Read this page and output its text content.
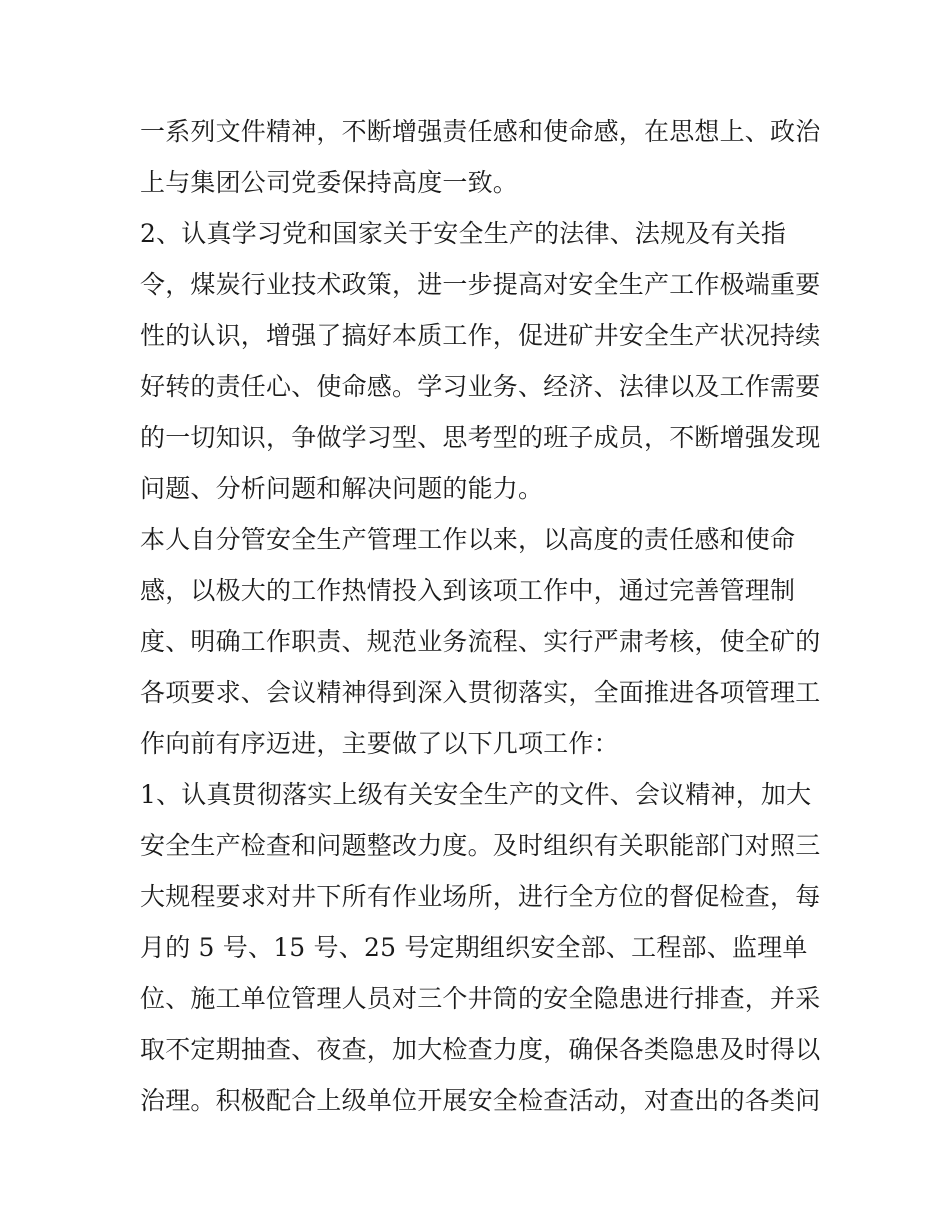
一系列文件精神，不断增强责任感和使命感，在思想上、政治
上与集团公司党委保持高度一致。
2、认真学习党和国家关于安全生产的法律、法规及有关指
令，煤炭行业技术政策，进一步提高对安全生产工作极端重要
性的认识，增强了搞好本质工作，促进矿井安全生产状况持续
好转的责任心、使命感。学习业务、经济、法律以及工作需要
的一切知识，争做学习型、思考型的班子成员，不断增强发现
问题、分析问题和解决问题的能力。
本人自分管安全生产管理工作以来，以高度的责任感和使命
感，以极大的工作热情投入到该项工作中，通过完善管理制
度、明确工作职责、规范业务流程、实行严肃考核，使全矿的
各项要求、会议精神得到深入贯彻落实，全面推进各项管理工
作向前有序迈进，主要做了以下几项工作：
1、认真贯彻落实上级有关安全生产的文件、会议精神，加大
安全生产检查和问题整改力度。及时组织有关职能部门对照三
大规程要求对井下所有作业场所，进行全方位的督促检查，每
月的 5 号、15 号、25 号定期组织安全部、工程部、监理单
位、施工单位管理人员对三个井筒的安全隐患进行排查，并采
取不定期抽查、夜查，加大检查力度，确保各类隐患及时得以
治理。积极配合上级单位开展安全检查活动，对查出的各类问
